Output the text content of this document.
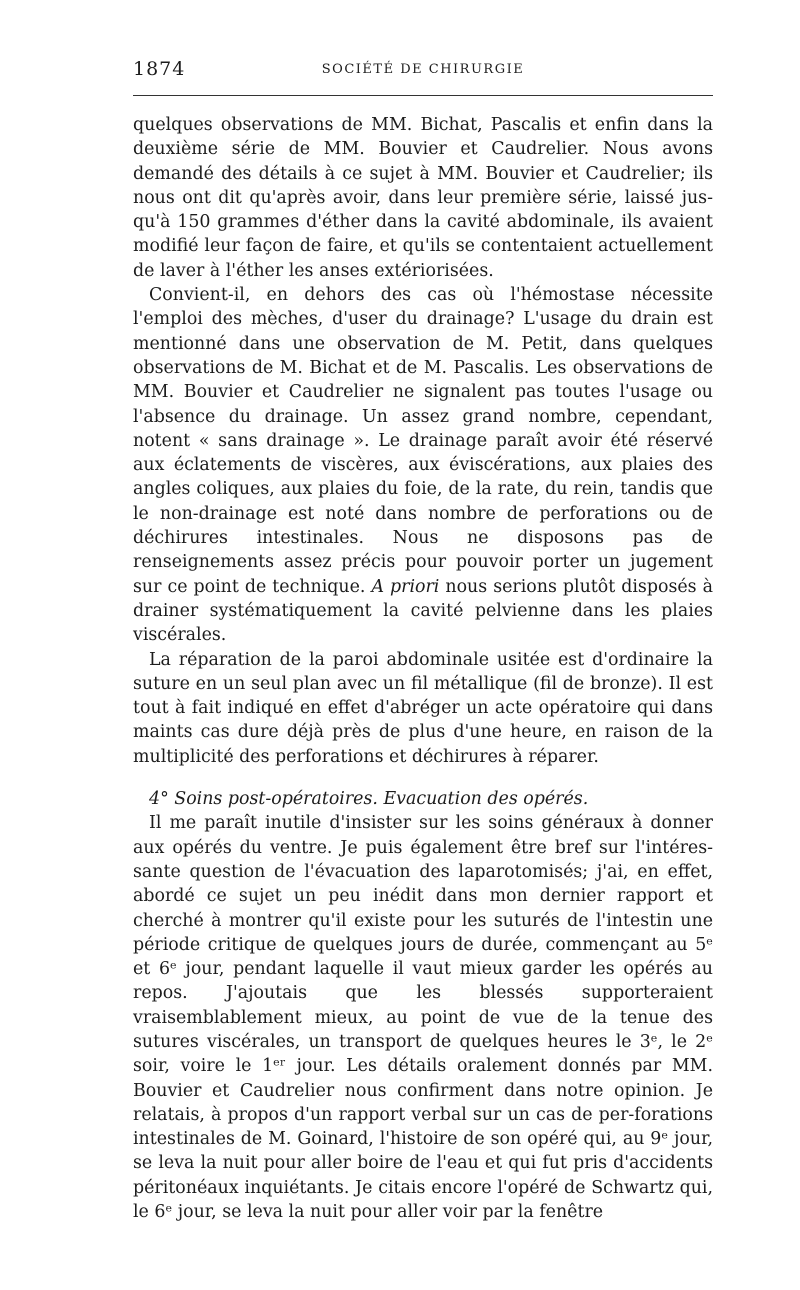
1874	SOCIÉTÉ DE CHIRURGIE

quelques observations de MM. Bichat, Pascalis et enfin dans la deuxième série de MM. Bouvier et Caudrelier. Nous avons demandé des détails à ce sujet à MM. Bouvier et Caudrelier; ils nous ont dit qu'après avoir, dans leur première série, laissé jus-qu'à 150 grammes d'éther dans la cavité abdominale, ils avaient modifié leur façon de faire, et qu'ils se contentaient actuellement de laver à l'éther les anses extériorisées.

Convient-il, en dehors des cas où l'hémostase nécessite l'emploi des mèches, d'user du drainage? L'usage du drain est mentionné dans une observation de M. Petit, dans quelques observations de M. Bichat et de M. Pascalis. Les observations de MM. Bouvier et Caudrelier ne signalent pas toutes l'usage ou l'absence du drainage. Un assez grand nombre, cependant, notent « sans drainage ». Le drainage paraît avoir été réservé aux éclatements de viscères, aux éviscérations, aux plaies des angles coliques, aux plaies du foie, de la rate, du rein, tandis que le non-drainage est noté dans nombre de perforations ou de déchirures intestinales. Nous ne disposons pas de renseignements assez précis pour pouvoir porter un jugement sur ce point de technique. A priori nous serions plutôt disposés à drainer systématiquement la cavité pelvienne dans les plaies viscérales.

La réparation de la paroi abdominale usitée est d'ordinaire la suture en un seul plan avec un fil métallique (fil de bronze). Il est tout à fait indiqué en effet d'abréger un acte opératoire qui dans maints cas dure déjà près de plus d'une heure, en raison de la multiplicité des perforations et déchirures à réparer.

4° Soins post-opératoires. Evacuation des opérés.

Il me paraît inutile d'insister sur les soins généraux à donner aux opérés du ventre. Je puis également être bref sur l'intéres-sante question de l'évacuation des laparotomisés; j'ai, en effet, abordé ce sujet un peu inédit dans mon dernier rapport et cherché à montrer qu'il existe pour les suturés de l'intestin une période critique de quelques jours de durée, commençant au 5ᵉ et 6ᵉ jour, pendant laquelle il vaut mieux garder les opérés au repos. J'ajoutais que les blessés supporteraient vraisemblablement mieux, au point de vue de la tenue des sutures viscérales, un transport de quelques heures le 3ᵉ, le 2ᵉ soir, voire le 1ᵉʳ jour. Les détails oralement donnés par MM. Bouvier et Caudrelier nous confirment dans notre opinion. Je relatais, à propos d'un rapport verbal sur un cas de per-forations intestinales de M. Goinard, l'histoire de son opéré qui, au 9ᵉ jour, se leva la nuit pour aller boire de l'eau et qui fut pris d'accidents péritonéaux inquiétants. Je citais encore l'opéré de Schwartz qui, le 6ᵉ jour, se leva la nuit pour aller voir par la fenêtre
